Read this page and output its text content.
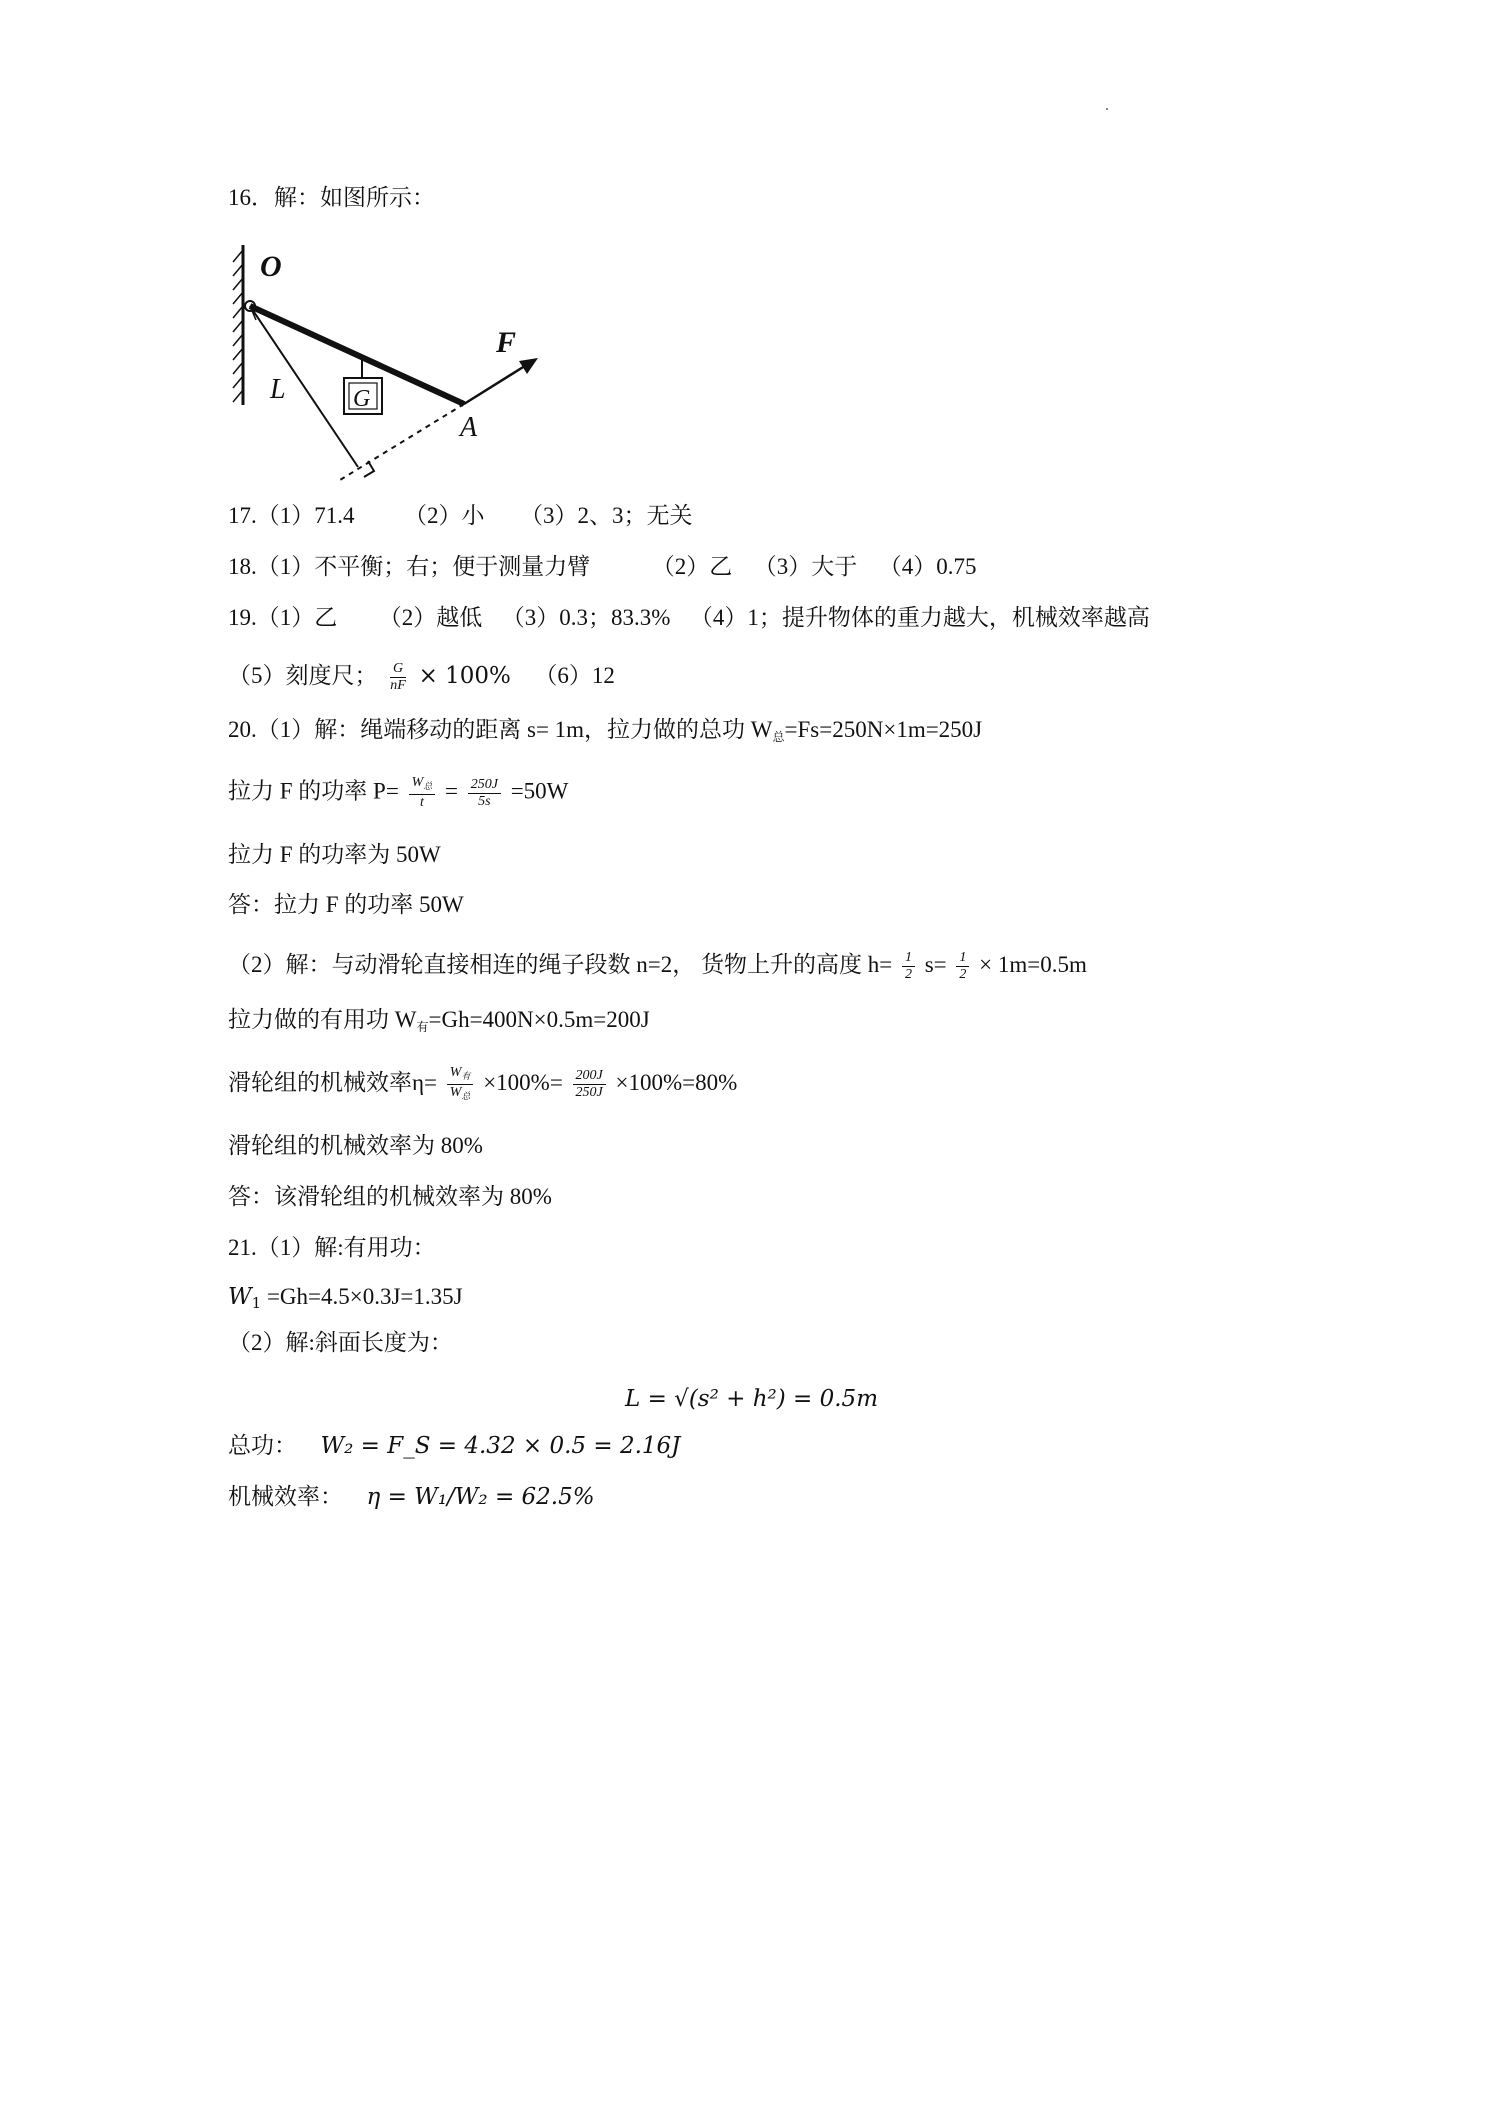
16．解：如图所示：
O
F
L	G
A
17.（1）71.4 （2）小 （3）2、3；无关
18.（1）不平衡；右；便于测量力臂	（2）乙 （3）大于 （4）0.75
19.（1）乙 （2）越低 （3）0.3；83.3% （4）1；提升物体的重力越大，机械效率越高
（5）刻度尺； $\frac{G}{nF} \times 100\%$ （6）12
20.（1）解：绳端移动的距离 s= 1m，拉力做的总功 $W_总=Fs=250N\times 1m=250J$
拉力 F 的功率 $P= \frac{W_总}{t} = \frac{250J}{5s} =50W$
拉力 F 的功率为 50W
答：拉力 F 的功率 50W
（2）解：与动滑轮直接相连的绳子段数 n=2， 货物上升的高度 $h= \frac{1}{2} s= \frac{1}{2} \times 1m=0.5m$
拉力做的有用功 $W_有=Gh=400N\times 0.5m=200J$
滑轮组的机械效率$\eta= \frac{W_有}{W_总} \times 100\%= \frac{200J}{250J} \times 100\%=80\%$
滑轮组的机械效率为 80%
答：该滑轮组的机械效率为 80%
21.（1）解:有用功：
$W_1 =Gh=4.5\times 0.3J=1.35J$
（2）解:斜面长度为：
L = √(s² + h²) = 0.5m
总功： W₂ = F_S = 4.32 × 0.5 = 2.16J
机械效率： η = W₁/W₂ = 62.5%
